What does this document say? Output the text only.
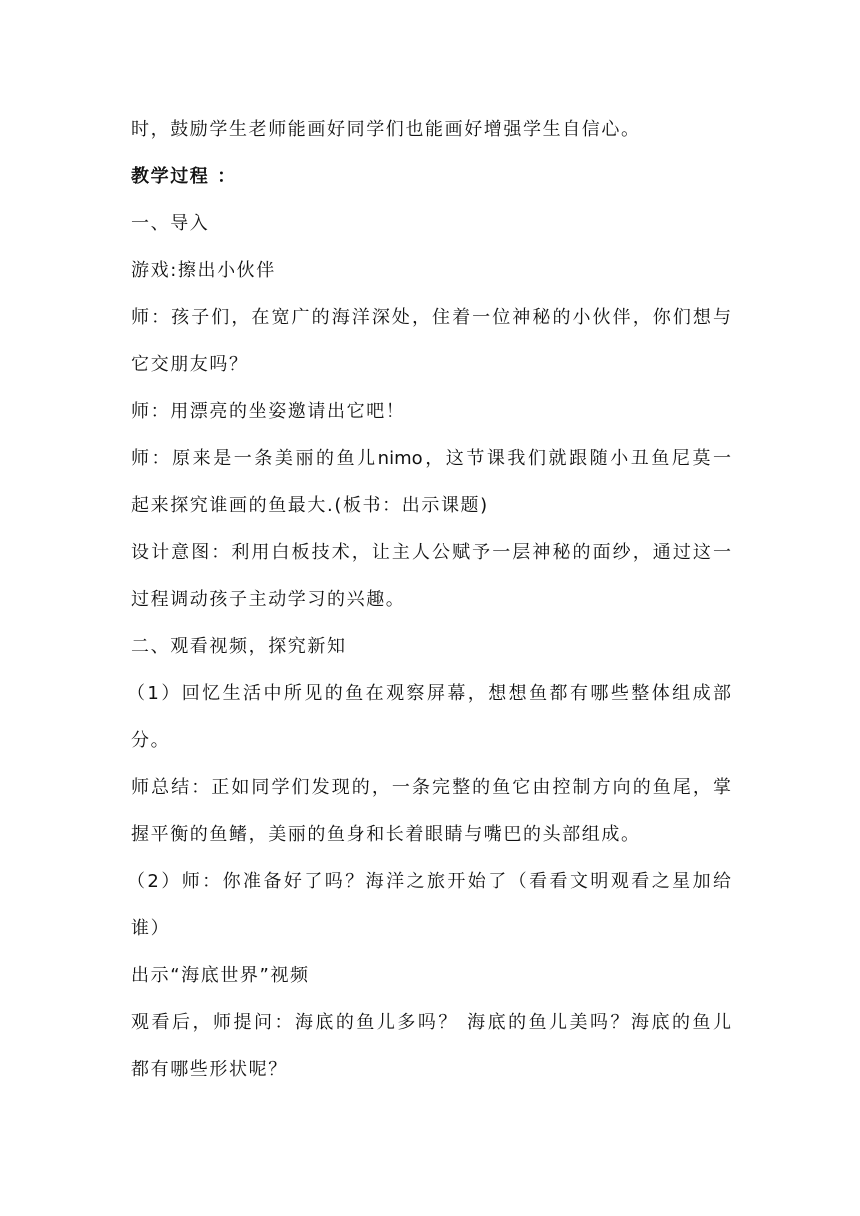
时，鼓励学生老师能画好同学们也能画好增强学生自信心。
教学过程 ：
一、导入
游戏:擦出小伙伴
师：孩子们，在宽广的海洋深处，住着一位神秘的小伙伴，你们想与
它交朋友吗？
师：用漂亮的坐姿邀请出它吧！
师：原来是一条美丽的鱼儿nimo，这节课我们就跟随小丑鱼尼莫一
起来探究谁画的鱼最大.(板书：出示课题)
设计意图：利用白板技术，让主人公赋予一层神秘的面纱，通过这一
过程调动孩子主动学习的兴趣。
二、观看视频，探究新知
（1）回忆生活中所见的鱼在观察屏幕，想想鱼都有哪些整体组成部
分。
师总结：正如同学们发现的，一条完整的鱼它由控制方向的鱼尾，掌
握平衡的鱼鳍，美丽的鱼身和长着眼睛与嘴巴的头部组成。
（2）师：你准备好了吗？海洋之旅开始了（看看文明观看之星加给
谁）
出示“海底世界”视频
观看后，师提问：海底的鱼儿多吗？ 海底的鱼儿美吗？海底的鱼儿
都有哪些形状呢？
